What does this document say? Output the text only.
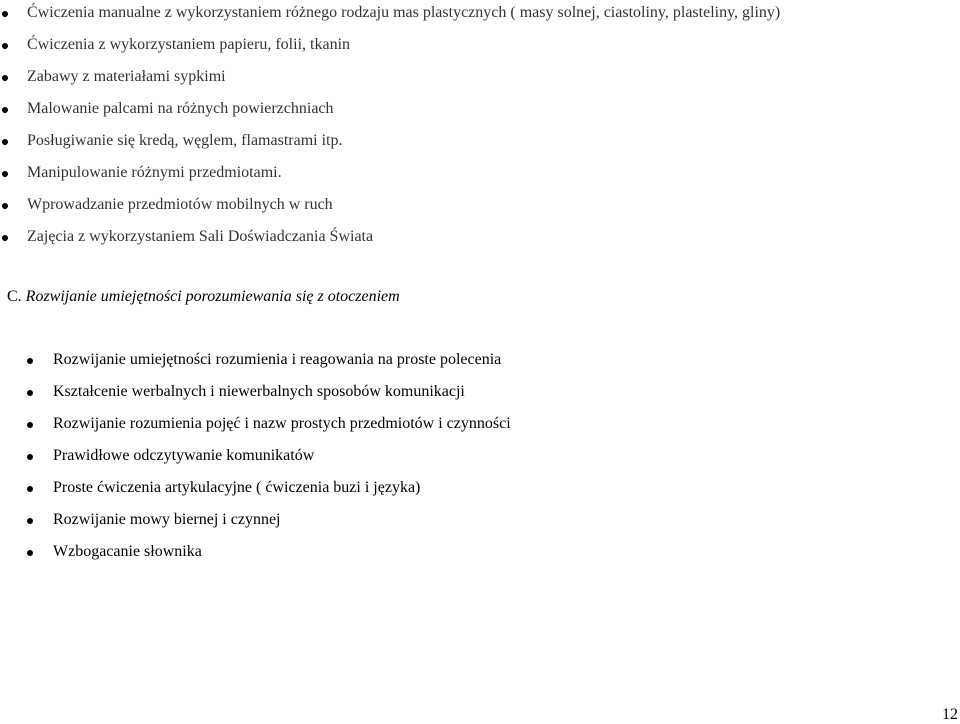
Ćwiczenia manualne z wykorzystaniem różnego rodzaju mas plastycznych ( masy solnej, ciastoliny, plasteliny, gliny)
Ćwiczenia z wykorzystaniem papieru, folii, tkanin
Zabawy z materiałami sypkimi
Malowanie palcami na różnych powierzchniach
Posługiwanie się kredą, węglem, flamastrami itp.
Manipulowanie różnymi przedmiotami.
Wprowadzanie przedmiotów mobilnych w ruch
Zajęcia z wykorzystaniem Sali Doświadczania Świata
C. Rozwijanie umiejętności porozumiewania się z otoczeniem
Rozwijanie umiejętności rozumienia i reagowania na proste polecenia
Kształcenie werbalnych i niewerbalnych sposobów komunikacji
Rozwijanie rozumienia pojęć i nazw prostych przedmiotów i czynności
Prawidłowe odczytywanie komunikatów
Proste ćwiczenia artykulacyjne ( ćwiczenia buzi i języka)
Rozwijanie mowy biernej i czynnej
Wzbogacanie słownika
12
